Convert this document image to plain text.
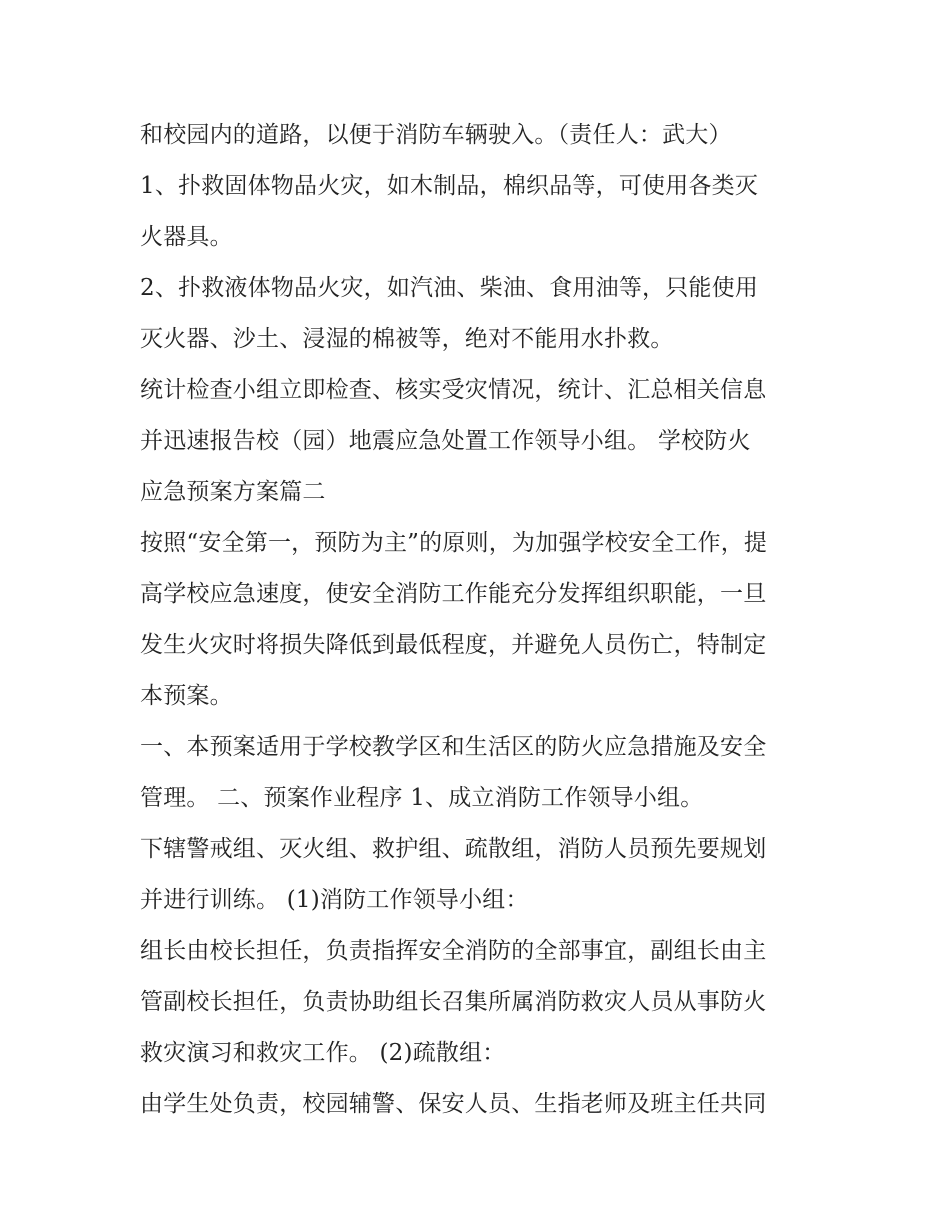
和校园内的道路，以便于消防车辆驶入。（责任人：武大）
1、扑救固体物品火灾，如木制品，棉织品等，可使用各类灭
火器具。
2、扑救液体物品火灾，如汽油、柴油、食用油等，只能使用
灭火器、沙土、浸湿的棉被等，绝对不能用水扑救。
统计检查小组立即检查、核实受灾情况，统计、汇总相关信息
并迅速报告校（园）地震应急处置工作领导小组。 学校防火
应急预案方案篇二
按照“安全第一，预防为主”的原则，为加强学校安全工作，提
高学校应急速度，使安全消防工作能充分发挥组织职能，一旦
发生火灾时将损失降低到最低程度，并避免人员伤亡，特制定
本预案。
一、本预案适用于学校教学区和生活区的防火应急措施及安全
管理。 二、预案作业程序 1、成立消防工作领导小组。
下辖警戒组、灭火组、救护组、疏散组，消防人员预先要规划
并进行训练。 (1)消防工作领导小组：
组长由校长担任，负责指挥安全消防的全部事宜，副组长由主
管副校长担任，负责协助组长召集所属消防救灾人员从事防火
救灾演习和救灾工作。 (2)疏散组：
由学生处负责，校园辅警、保安人员、生指老师及班主任共同
